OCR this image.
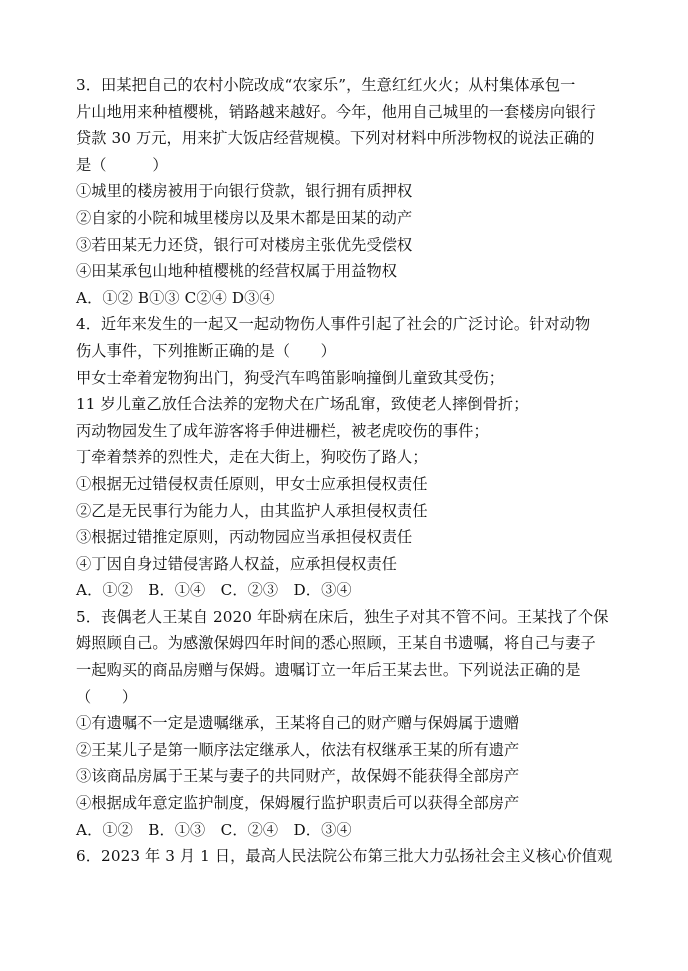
3．田某把自己的农村小院改成“农家乐”，生意红红火火；从村集体承包一
片山地用来种植樱桃，销路越来越好。今年，他用自己城里的一套楼房向银行
贷款 30 万元，用来扩大饭店经营规模。下列对材料中所涉物权的说法正确的
是（　　　）
①城里的楼房被用于向银行贷款，银行拥有质押权
②自家的小院和城里楼房以及果木都是田某的动产
③若田某无力还贷，银行可对楼房主张优先受偿权
④田某承包山地种植樱桃的经营权属于用益物权
A．①② B①③ C②④ D③④
4．近年来发生的一起又一起动物伤人事件引起了社会的广泛讨论。针对动物
伤人事件，下列推断正确的是（　　）
甲女士牵着宠物狗出门，狗受汽车鸣笛影响撞倒儿童致其受伤；
11 岁儿童乙放任合法养的宠物犬在广场乱窜，致使老人摔倒骨折；
丙动物园发生了成年游客将手伸进栅栏，被老虎咬伤的事件；
丁牵着禁养的烈性犬，走在大街上，狗咬伤了路人；
①根据无过错侵权责任原则，甲女士应承担侵权责任
②乙是无民事行为能力人，由其监护人承担侵权责任
③根据过错推定原则，丙动物园应当承担侵权责任
④丁因自身过错侵害路人权益，应承担侵权责任
A．①②　B．①④　C．②③　D．③④
5．丧偶老人王某自 2020 年卧病在床后，独生子对其不管不问。王某找了个保
姆照顾自己。为感激保姆四年时间的悉心照顾，王某自书遗嘱，将自己与妻子
一起购买的商品房赠与保姆。遗嘱订立一年后王某去世。下列说法正确的是
（　　）
①有遗嘱不一定是遗嘱继承，王某将自己的财产赠与保姆属于遗赠
②王某儿子是第一顺序法定继承人，依法有权继承王某的所有遗产
③该商品房属于王某与妻子的共同财产，故保姆不能获得全部房产
④根据成年意定监护制度，保姆履行监护职责后可以获得全部房产
A．①②　B．①③　C．②④　D．③④
6．2023 年 3 月 1 日，最高人民法院公布第三批大力弘扬社会主义核心价值观
